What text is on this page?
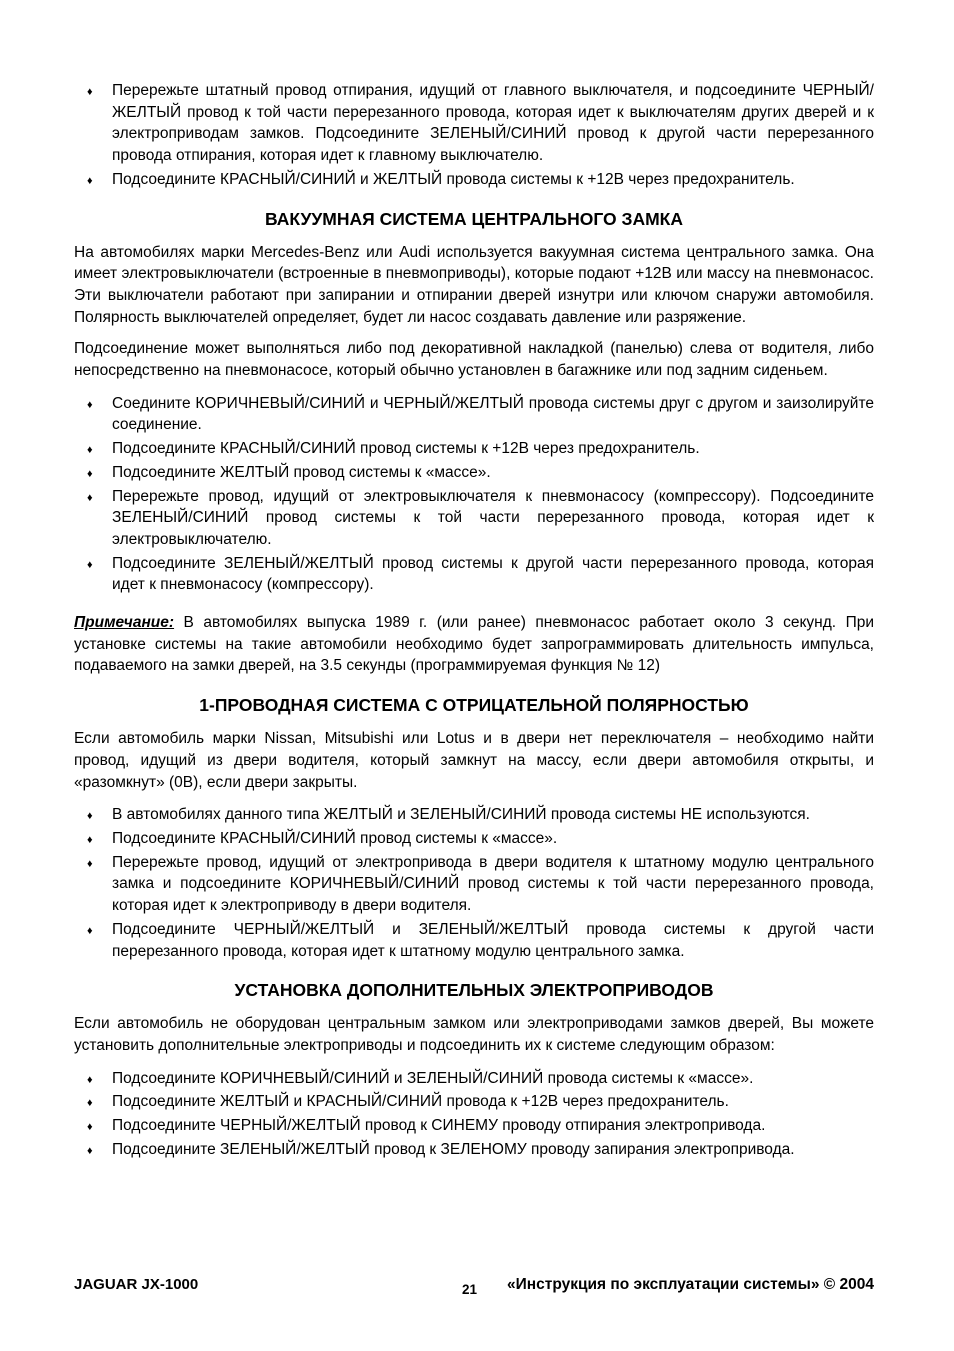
♦ Перережьте штатный провод отпирания, идущий от главного выключателя, и подсоедините ЧЕРНЫЙ/ЖЕЛТЫЙ провод к той части перерезанного провода, которая идет к выключателям других дверей и к электроприводам замков. Подсоедините ЗЕЛЕНЫЙ/СИНИЙ провод к другой части перерезанного провода отпирания, которая идет к главному выключателю.
♦ Подсоедините КРАСНЫЙ/СИНИЙ и ЖЕЛТЫЙ провода системы к +12В через предохранитель.
ВАКУУМНАЯ СИСТЕМА ЦЕНТРАЛЬНОГО ЗАМКА

На автомобилях марки Mercedes-Benz или Audi используется вакуумная система центрального замка. Она имеет электровыключатели (встроенные в пневмоприводы), которые подают +12В или массу на пневмонасос. Эти выключатели работают при запирании и отпирании дверей изнутри или ключом снаружи автомобиля. Полярность выключателей определяет, будет ли насос создавать давление или разряжение.

Подсоединение может выполняться либо под декоративной накладкой (панелью) слева от водителя, либо непосредственно на пневмонасосе, который обычно установлен в багажнике или под задним сиденьем.

♦ Соедините КОРИЧНЕВЫЙ/СИНИЙ и ЧЕРНЫЙ/ЖЕЛТЫЙ провода системы друг с другом и заизолируйте соединение.
♦ Подсоедините КРАСНЫЙ/СИНИЙ провод системы к +12В через предохранитель.
♦ Подсоедините ЖЕЛТЫЙ провод системы к «массе».
♦ Перережьте провод, идущий от электровыключателя к пневмонасосу (компрессору). Подсоедините ЗЕЛЕНЫЙ/СИНИЙ провод системы к той части перерезанного провода, которая идет к электровыключателю.
♦ Подсоедините ЗЕЛЕНЫЙ/ЖЕЛТЫЙ провод системы к другой части перерезанного провода, которая идет к пневмонасосу (компрессору).

Примечание: В автомобилях выпуска 1989 г. (или ранее) пневмонасос работает около 3 секунд. При установке системы на такие автомобили необходимо будет запрограммировать длительность импульса, подаваемого на замки дверей, на 3.5 секунды (программируемая функция № 12)

1-ПРОВОДНАЯ СИСТЕМА С ОТРИЦАТЕЛЬНОЙ ПОЛЯРНОСТЬЮ

Если автомобиль марки Nissan, Mitsubishi или Lotus и в двери нет переключателя – необходимо найти провод, идущий из двери водителя, который замкнут на массу, если двери автомобиля открыты, и «разомкнут» (0В), если двери закрыты.

♦ В автомобилях данного типа ЖЕЛТЫЙ и ЗЕЛЕНЫЙ/СИНИЙ провода системы НЕ используются.
♦ Подсоедините КРАСНЫЙ/СИНИЙ провод системы к «массе».
♦ Перережьте провод, идущий от электропривода в двери водителя к штатному модулю центрального замка и подсоедините КОРИЧНЕВЫЙ/СИНИЙ провод системы к той части перерезанного провода, которая идет к электроприводу в двери водителя.
♦ Подсоедините ЧЕРНЫЙ/ЖЕЛТЫЙ и ЗЕЛЕНЫЙ/ЖЕЛТЫЙ провода системы к другой части перерезанного провода, которая идет к штатному модулю центрального замка.
УСТАНОВКА ДОПОЛНИТЕЛЬНЫХ ЭЛЕКТРОПРИВОДОВ

Если автомобиль не оборудован центральным замком или электроприводами замков дверей, Вы можете установить дополнительные электроприводы и подсоединить их к системе следующим образом:

♦ Подсоедините КОРИЧНЕВЫЙ/СИНИЙ и ЗЕЛЕНЫЙ/СИНИЙ провода системы к «массе».
♦ Подсоедините ЖЕЛТЫЙ и КРАСНЫЙ/СИНИЙ провода к +12В через предохранитель.
♦ Подсоедините ЧЕРНЫЙ/ЖЕЛТЫЙ провод к СИНЕМУ проводу отпирания электропривода.
♦ Подсоедините ЗЕЛЕНЫЙ/ЖЕЛТЫЙ провод к ЗЕЛЕНОМУ проводу запирания электропривода.
JAGUAR JX-1000	21 «Инструкция по эксплуатации системы» © 2004
